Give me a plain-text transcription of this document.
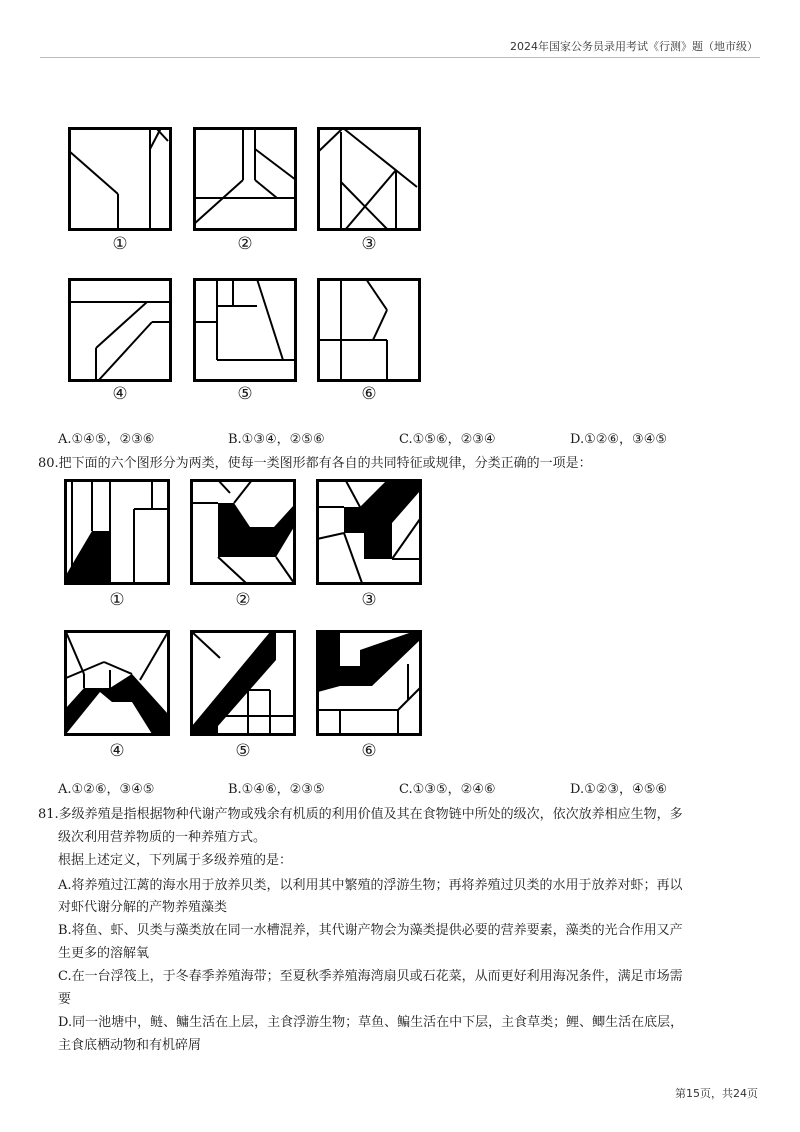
2024年国家公务员录用考试《行测》题（地市级）
①	②	③
④	⑤	⑥
A.①④⑤，②③⑥	B.①③④，②⑤⑥	C.①⑤⑥，②③④	D.①②⑥，③④⑤
80.把下面的六个图形分为两类，使每一类图形都有各自的共同特征或规律，分类正确的一项是：
①	②	③
④	⑤	⑥
A.①②⑥，③④⑤	B.①④⑥，②③⑤	C.①③⑤，②④⑥	D.①②③，④⑤⑥
81.多级养殖是指根据物种代谢产物或残余有机质的利用价值及其在食物链中所处的级次，依次放养相应生物，多
级次利用营养物质的一种养殖方式。
根据上述定义，下列属于多级养殖的是：
A.将养殖过江蓠的海水用于放养贝类，以利用其中繁殖的浮游生物；再将养殖过贝类的水用于放养对虾；再以
对虾代谢分解的产物养殖藻类
B.将鱼、虾、贝类与藻类放在同一水槽混养，其代谢产物会为藻类提供必要的营养要素，藻类的光合作用又产
生更多的溶解氧
C.在一台浮筏上，于冬春季养殖海带；至夏秋季养殖海湾扇贝或石花菜，从而更好利用海况条件，满足市场需
要
D.同一池塘中，鲢、鳙生活在上层，主食浮游生物；草鱼、鳊生活在中下层，主食草类；鲤、鲫生活在底层，
主食底栖动物和有机碎屑
第15页，共24页
